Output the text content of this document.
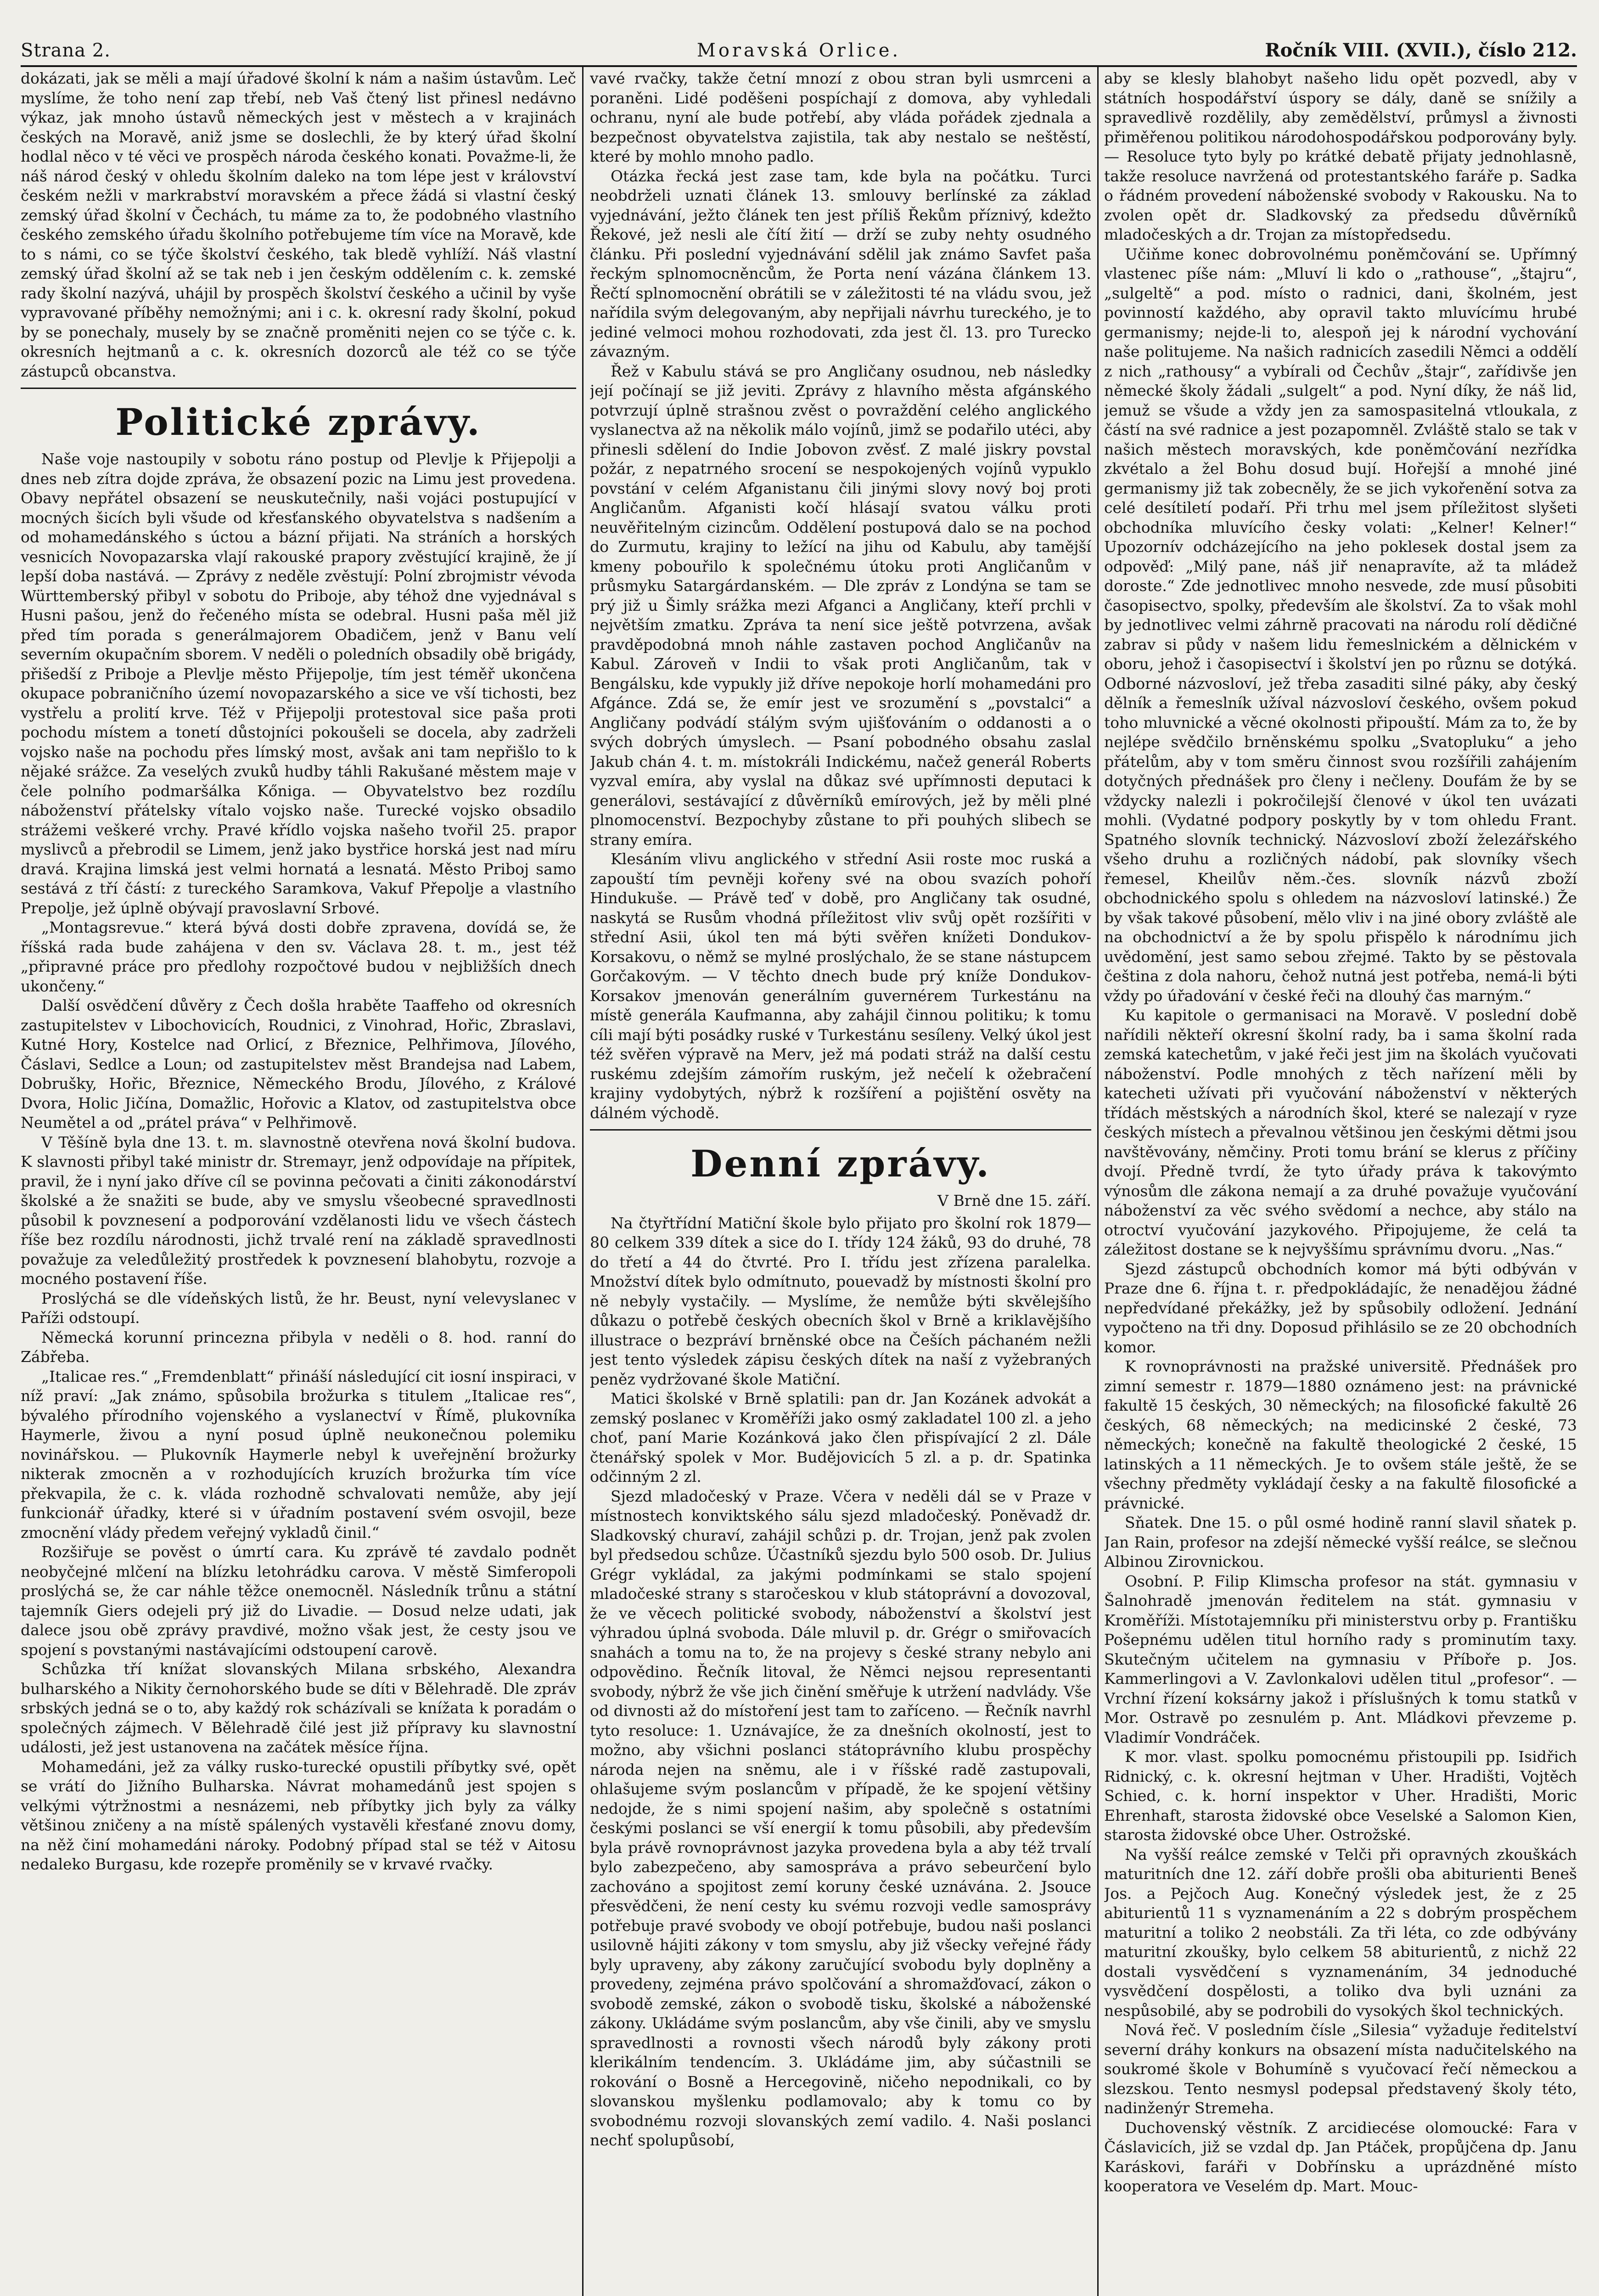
Strana 2.	Moravská Orlice.	Ročník VIII. (XVII.), číslo 212.

dokázati, jak se měli a mají úřadové školní k nám a našim ústavům. Leč myslíme, že toho není zap třebí, neb Vaš čtený list přinesl nedávno výkaz, jak mnoho ústavů německých jest v městech a v krajinách českých na Moravě, aniž jsme se doslechli, že by který úřad školní hodlal něco v té věci ve prospěch národa českého konati. Považme-li, že náš národ český v ohledu školním daleko na tom lépe jest v království českém nežli v markrabství moravském a přece žádá si vlastní český zemský úřad školní v Čechách, tu máme za to, že podobného vlastního českého zemského úřadu školního potřebujeme tím více na Moravě, kde to s námi, co se týče školství českého, tak bledě vyhlíží. Náš vlastní zemský úřad školní až se tak neb i jen českým oddělením c. k. zemské rady školní nazývá, uhájil by prospěch školství českého a učinil by vyše vypravované příběhy nemožnými; ani i c. k. okresní rady školní, pokud by se ponechaly, musely by se značně proměniti nejen co se týče c. k. okresních hejtmanů a c. k. okresních dozorců ale též co se týče zástupců obcanstva.

Politické zprávy.

Naše voje nastoupily v sobotu ráno postup od Plevlje k Přijepolji a dnes neb zítra dojde zpráva, že obsazení pozic na Limu jest provedena. Obavy nepřátel obsazení se neuskutečnily, naši vojáci postupující v mocných šicích byli všude od křesťanského obyvatelstva s nadšením a od mohamedánského s úctou a bázní přijati. Na stráních a horských vesnicích Novopazarska vlají rakouské prapory zvěstující krajině, že jí lepší doba nastává. — Zprávy z neděle zvěstují: Polní zbrojmistr vévoda Württemberský přibyl v sobotu do Priboje, aby téhož dne vyjednával s Husni pašou, jenž do řečeného místa se odebral. Husni paša měl již před tím porada s generálmajorem Obadičem, jenž v Banu velí severním okupačním sborem. V neděli o poledních obsadily obě brigády, přišedší z Priboje a Plevlje město Přijepolje, tím jest téměř ukončena okupace pobraničního území novopazarského a sice ve vší tichosti, bez vystřelu a prolití krve. Též v Přijepolji protestoval sice paša proti pochodu místem a tonetí důstojníci pokoušeli se docela, aby zadrželi vojsko naše na pochodu přes límský most, avšak ani tam nepřišlo to k nějaké srážce. Za veselých zvuků hudby táhli Rakušané městem maje v čele polního podmaršálka Kőniga. — Obyvatelstvo bez rozdílu náboženství přátelsky vítalo vojsko naše. Turecké vojsko obsadilo strážemi veškeré vrchy. Pravé křídlo vojska našeho tvořil 25. prapor myslivců a přebrodil se Limem, jenž jako bystřice horská jest nad míru dravá. Krajina limská jest velmi hornatá a lesnatá. Město Priboj samo sestává z tří částí: z tureckého Saramkova, Vakuf Přepolje a vlastního Prepolje, jež úplně obývají pravoslavní Srbové.

„Montagsrevue.“ která bývá dosti dobře zpravena, dovídá se, že říšská rada bude zahájena v den sv. Václava 28. t. m., jest též „připravné práce pro předlohy rozpočtové budou v nejbližších dnech ukončeny.“

Další osvědčení důvěry z Čech došla hraběte Taaffeho od okresních zastupitelstev v Libochovicích, Roudnici, z Vinohrad, Hořic, Zbraslavi, Kutné Hory, Kostelce nad Orlicí, z Březnice, Pelhřimova, Jílového, Čáslavi, Sedlce a Loun; od zastupitelstev měst Brandejsa nad Labem, Dobrušky, Hořic, Březnice, Německého Brodu, Jílového, z Králové Dvora, Holic Jičína, Domažlic, Hořovic a Klatov, od zastupitelstva obce Neumětel a od „prátel práva“ v Pelhřimově.

V Těšíně byla dne 13. t. m. slavnostně otevřena nová školní budova. K slavnosti přibyl také ministr dr. Stremayr, jenž odpovídaje na přípitek, pravil, že i nyní jako dříve cíl se povinna pečovati a činiti zákonodárství školské a že snažiti se bude, aby ve smyslu všeobecné spravedlnosti působil k povznesení a podporování vzdělanosti lidu ve všech částech říše bez rozdílu národnosti, jichž trvalé rení na základě spravedlnosti považuje za veledůležitý prostředek k povznesení blahobytu, rozvoje a mocného postavení říše.

Proslýchá se dle vídeňských listů, že hr. Beust, nyní velevyslanec v Paříži odstoupí.

Německá korunní princezna přibyla v neděli o 8. hod. ranní do Zábřeba.

„Italicae res.“ „Fremdenblatt“ přináší následující cit iosní inspiraci, v níž praví: „Jak známo, spůsobila brožurka s titulem „Italicae res“, bývalého přírodního vojenského a vyslanectví v Římě, plukovníka Haymerle, živou a nyní posud úplně neukonečnou polemiku novinářskou. — Plukovník Haymerle nebyl k uveřejnění brožurky nikterak zmocněn a v rozhodujících kruzích brožurka tím více překvapila, že c. k. vláda rozhodně schvalovati nemůže, aby její funkcionář úřadky, které si v úřadním postavení svém osvojil, beze zmocnění vlády předem veřejný vykladů činil.“

Rozšiřuje se pověst o úmrtí cara. Ku zprávě té zavdalo podnět neobyčejné mlčení na blízku letohrádku carova. V městě Simferopoli proslýchá se, že car náhle těžce onemocněl. Následník trůnu a státní tajemník Giers odejeli prý již do Livadie. — Dosud nelze udati, jak dalece jsou obě zprávy pravdivé, možno však jest, že cesty jsou ve spojení s povstanými nastávajícími odstoupení carově.

Schůzka tří knížat slovanských Milana srbského, Alexandra bulharského a Nikity černohorského bude se díti v Bělehradě. Dle zpráv srbských jedná se o to, aby každý rok scházívali se knížata k poradám o společných zájmech. V Bělehradě čilé jest již přípravy ku slavnostní události, jež jest ustanovena na začátek měsíce října.

Mohamedáni, jež za války rusko-turecké opustili příbytky své, opět se vrátí do Jižního Bulharska. Návrat mohamedánů jest spojen s velkými výtržnostmi a nesnázemi, neb příbytky jich byly za války většinou zničeny a na místě spálených vystavěli křesťané znovu domy, na něž činí mohamedáni nároky. Podobný případ stal se též v Aitosu nedaleko Burgasu, kde rozepře proměnily se v krvavé rvačky.

vavé rvačky, takže četní mnozí z obou stran byli usmrceni a poraněni. Lidé poděšeni pospíchají z domova, aby vyhledali ochranu, nyní ale bude potřebí, aby vláda pořádek zjednala a bezpečnost obyvatelstva zajistila, tak aby nestalo se neštěstí, které by mohlo mnoho padlo.

Otázka řecká jest zase tam, kde byla na počátku. Turci neobdrželi uznati článek 13. smlouvy berlínské za základ vyjednávání, ježto článek ten jest příliš Řekům příznivý, kdežto Řekové, jež nesli ale čítí žití — drží se zuby nehty osudného článku. Při poslední vyjednávání sdělil jak známo Savfet paša řeckým splnomocněncům, že Porta není vázána článkem 13. Řečtí splnomocnění obrátili se v záležitosti té na vládu svou, jež nařídila svým delegovaným, aby nepřijali návrhu tureckého, je to jediné velmoci mohou rozhodovati, zda jest čl. 13. pro Turecko závazným.

Řež v Kabulu stává se pro Angličany osudnou, neb následky její počínají se již jeviti. Zprávy z hlavního města afgánského potvrzují úplně strašnou zvěst o povraždění celého anglického vyslanectva až na několik málo vojínů, jimž se podařilo utéci, aby přinesli sdělení do Indie Jobovon zvěsť. Z malé jiskry povstal požár, z nepatrného srocení se nespokojených vojínů vypuklo povstání v celém Afganistanu čili jinými slovy nový boj proti Angličanům. Afganisti kočí hlásají svatou válku proti neuvěřitelným cizincům. Oddělení postupová dalo se na pochod do Zurmutu, krajiny to ležící na jihu od Kabulu, aby tamější kmeny pobouřilo k společnému útoku proti Angličanům v průsmyku Satargárdanském. — Dle zpráv z Londýna se tam se prý již u Šimly srážka mezi Afganci a Angličany, kteří prchli v největším zmatku. Zpráva ta není sice ještě potvrzena, avšak pravděpodobná mnoh náhle zastaven pochod Angličanův na Kabul. Zároveň v Indii to však proti Angličanům, tak v Bengálsku, kde vypukly již dříve nepokoje horlí mohamedáni pro Afgánce. Zdá se, že emír jest ve srozumění s „povstalci“ a Angličany podvádí stálým svým ujišťováním o oddanosti a o svých dobrých úmyslech. — Psaní pobodného obsahu zaslal Jakub chán 4. t. m. místokráli Indickému, načež generál Roberts vyzval emíra, aby vyslal na důkaz své upřímnosti deputaci k generálovi, sestávající z důvěrníků emírových, jež by měli plné plnomocenství. Bezpochyby zůstane to při pouhých slibech se strany emíra.

Klesáním vlivu anglického v střední Asii roste moc ruská a zapouští tím pevněji kořeny své na obou svazích pohoří Hindukuše. — Právě teď v době, pro Angličany tak osudné, naskytá se Rusům vhodná příležitost vliv svůj opět rozšířiti v střední Asii, úkol ten má býti svěřen knížeti Dondukov-Korsakovu, o němž se mylné proslýchalo, že se stane nástupcem Gorčakovým. — V těchto dnech bude prý kníže Dondukov-Korsakov jmenován generálním guvernérem Turkestánu na místě generála Kaufmanna, aby zahájil činnou politiku; k tomu cíli mají býti posádky ruské v Turkestánu sesíleny. Velký úkol jest též svěřen výpravě na Merv, jež má podati stráž na další cestu ruskému zdejším zámořím ruským, jež nečelí k ožebračení krajiny vydobytých, nýbrž k rozšíření a pojištění osvěty na dálném východě.

Denní zprávy.
V Brně dne 15. září.

Na čtyřtřídní Matiční škole bylo přijato pro školní rok 1879—80 celkem 339 dítek a sice do I. třídy 124 žáků, 93 do druhé, 78 do třetí a 44 do čtvrté. Pro I. třídu jest zřízena paralelka. Množství dítek bylo odmítnuto, pouevadž by místnosti školní pro ně nebyly vystačily. — Myslíme, že nemůže býti skvělejšího důkazu o potřebě českých obecních škol v Brně a kriklavějšího illustrace o bezpráví brněnské obce na Češích páchaném nežli jest tento výsledek zápisu českých dítek na naší z vyžebraných peněz vydržované škole Matiční.

Matici školské v Brně splatili: pan dr. Jan Kozánek advokát a zemský poslanec v Kroměříži jako osmý zakladatel 100 zl. a jeho choť, paní Marie Kozánková jako člen přispívající 2 zl. Dále čtenářský spolek v Mor. Budějovicích 5 zl. a p. dr. Spatinka odčinným 2 zl.

Sjezd mladočeský v Praze. Včera v neděli dál se v Praze v místnostech konviktského sálu sjezd mladočeský. Poněvadž dr. Sladkovský churaví, zahájil schůzi p. dr. Trojan, jenž pak zvolen byl předsedou schůze. Účastníků sjezdu bylo 500 osob. Dr. Julius Grégr vykládal, za jakými podmínkami se stalo spojení mladočeské strany s staročeskou v klub státoprávní a dovozoval, že ve věcech politické svobody, náboženství a školství jest výhradou úplná svoboda. Dále mluvil p. dr. Grégr o smiřovacích snahách a tomu na to, že na projevy s české strany nebylo ani odpovědino. Řečník litoval, že Němci nejsou representanti svobody, nýbrž že vše jich činění směřuje k utržení nadvlády. Vše od divnosti až do místoření jest tam to zaříceno. — Řečník navrhl tyto resoluce: 1. Uznávajíce, že za dnešních okolností, jest to možno, aby všichni poslanci státoprávního klubu prospěchy národa nejen na sněmu, ale i v říšské radě zastupovali, ohlašujeme svým poslancům v případě, že ke spojení většiny nedojde, že s nimi spojení našim, aby společně s ostatními českými poslanci se vší energií k tomu působili, aby především byla právě rovnoprávnost jazyka provedena byla a aby též trvalí bylo zabezpečeno, aby samospráva a právo sebeurčení bylo zachováno a spojitost zemí koruny české uznávána. 2. Jsouce přesvědčeni, že není cesty ku svému rozvoji vedle samosprávy potřebuje pravé svobody ve obojí potřebuje, budou naši poslanci usilovně hájiti zákony v tom smyslu, aby již všecky veřejné řády byly upraveny, aby zákony zaručující svobodu byly doplněny a provedeny, zejména právo spolčování a shromažďovací, zákon o svobodě zemské, zákon o svobodě tisku, školské a náboženské zákony. Ukládáme svým poslancům, aby vše činili, aby ve smyslu spravedlnosti a rovnosti všech národů byly zákony proti klerikálním tendencím. 3. Ukládáme jim, aby súčastnili se rokování o Bosně a Hercegovině, ničeho nepodnikali, co by slovanskou myšlenku podlamovalo; aby k tomu co by svobodnému rozvoji slovanských zemí vadilo. 4. Naši poslanci nechť spolupůsobí,

aby se klesly blahobyt našeho lidu opět pozvedl, aby v státních hospodářství úspory se dály, daně se snížily a spravedlivě rozdělily, aby zemědělství, průmysl a živnosti přiměřenou politikou národohospodářskou podporovány byly. — Resoluce tyto byly po krátké debatě přijaty jednohlasně, takže resoluce navržená od protestantského faráře p. Sadka o řádném provedení náboženské svobody v Rakousku. Na to zvolen opět dr. Sladkovský za předsedu důvěrníků mladočeských a dr. Trojan za místopředsedu.

Učiňme konec dobrovolnému poněmčování se. Upřímný vlastenec píše nám: „Mluví li kdo o „rathouse“, „štajru“, „sulgeltě“ a pod. místo o radnici, dani, školném, jest povinností každého, aby opravil takto mluvícímu hrubé germanismy; nejde-li to, alespoň jej k národní vychování naše politujeme. Na našich radnicích zasedili Němci a oddělí z nich „rathousy“ a vybírali od Čechův „štajr“, zařídivše jen německé školy žádali „sulgelt“ a pod. Nyní díky, že náš lid, jemuž se všude a vždy jen za samospasitelná vtloukala, z částí na své radnice a jest pozapomněl. Zvláště stalo se tak v našich městech moravských, kde poněmčování nezřídka zkvétalo a žel Bohu dosud bují. Hořejší a mnohé jiné germanismy již tak zobecněly, že se jich vykořenění sotva za celé desítiletí podaří. Při trhu mel jsem příležitost slyšeti obchodníka mluvícího česky volati: „Kelner! Kelner!“ Upozornív odcházejícího na jeho poklesek dostal jsem za odpověď: „Milý pane, náš jiř nenapravíte, až ta mládež doroste.“ Zde jednotlivec mnoho nesvede, zde musí působiti časopisectvo, spolky, především ale školství. Za to však mohl by jednotlivec velmi záhrně pracovati na národu rolí dědičné zabrav si půdy v našem lidu řemeslnickém a dělnickém v oboru, jehož i časopisectví i školství jen po různu se dotýká. Odborné názvosloví, jež třeba zasaditi silné páky, aby český dělník a řemeslník užíval názvosloví českého, ovšem pokud toho mluvnické a věcné okolnosti připouští. Mám za to, že by nejlépe svědčilo brněnskému spolku „Svatopluku“ a jeho přátelům, aby v tom směru činnost svou rozšířili zahájením dotyčných přednášek pro členy i nečleny. Doufám že by se vždycky nalezli i pokročilejší členové v úkol ten uvázati mohli. (Vydatné podpory poskytly by v tom ohledu Frant. Spatného slovník technický. Názvosloví zboží železářského všeho druhu a rozličných nádobí, pak slovníky všech řemesel, Kheilův něm.-čes. slovník názvů zboží obchodnického spolu s ohledem na názvosloví latinské.) Že by však takové působení, mělo vliv i na jiné obory zvláště ale na obchodnictví a že by spolu přispělo k národnímu jich uvědomění, jest samo sebou zřejmé. Takto by se pěstovala čeština z dola nahoru, čehož nutná jest potřeba, nemá-li býti vždy po úřadování v české řeči na dlouhý čas marným.“

Ku kapitole o germanisaci na Moravě. V poslední době nařídili někteří okresní školní rady, ba i sama školní rada zemská katechetům, v jaké řeči jest jim na školách vyučovati náboženství. Podle mnohých z těch nařízení měli by katecheti užívati při vyučování náboženství v některých třídách městských a národních škol, které se nalezají v ryze českých místech a převalnou většinou jen českými dětmi jsou navštěvovány, němčiny. Proti tomu brání se klerus z příčiny dvojí. Předně tvrdí, že tyto úřady práva k takovýmto výnosům dle zákona nemají a za druhé považuje vyučování náboženství za věc svého svědomí a nechce, aby stálo na otroctví vyučování jazykového. Připojujeme, že celá ta záležitost dostane se k nejvyššímu správnímu dvoru. „Nas.“

Sjezd zástupců obchodních komor má býti odbýván v Praze dne 6. října t. r. předpokládajíc, že nenadějou žádné nepředvídané překážky, jež by spůsobily odložení. Jednání vypočteno na tři dny. Doposud přihlásilo se ze 20 obchodních komor.

K rovnoprávnosti na pražské universitě. Přednášek pro zimní semestr r. 1879—1880 oznámeno jest: na právnické fakultě 15 českých, 30 německých; na filosofické fakultě 26 českých, 68 německých; na medicinské 2 české, 73 německých; konečně na fakultě theologické 2 české, 15 latinských a 11 německých. Je to ovšem stále ještě, že se všechny předměty vykládají česky a na fakultě filosofické a právnické.

Sňatek. Dne 15. o půl osmé hodině ranní slavil sňatek p. Jan Rain, profesor na zdejší německé vyšší reálce, se slečnou Albinou Zirovnickou.

Osobní. P. Filip Klimscha profesor na stát. gymnasiu v Šalnohradě jmenován ředitelem na stát. gymnasiu v Kroměříži. Místotajemníku při ministerstvu orby p. Františku Pošepnému udělen titul horního rady s prominutím taxy. Skutečným učitelem na gymnasiu v Příboře p. Jos. Kammerlingovi a V. Zavlonkalovi udělen titul „profesor“. — Vrchní řízení koksárny jakož i příslušných k tomu statků v Mor. Ostravě po zesnulém p. Ant. Mládkovi převzeme p. Vladimír Vondráček.

K mor. vlast. spolku pomocnému přistoupili pp. Isidřich Ridnický, c. k. okresní hejtman v Uher. Hradišti, Vojtěch Schied, c. k. horní inspektor v Uher. Hradišti, Moric Ehrenhaft, starosta židovské obce Veselské a Salomon Kien, starosta židovské obce Uher. Ostrožské.

Na vyšší reálce zemské v Telči při opravných zkouškách maturitních dne 12. září dobře prošli oba abiturienti Beneš Jos. a Pejčoch Aug. Konečný výsledek jest, že z 25 abiturientů 11 s vyznamenáním a 22 s dobrým prospěchem maturitní a toliko 2 neobstáli. Za tři léta, co zde odbývány maturitní zkoušky, bylo celkem 58 abiturientů, z nichž 22 dostali vysvědčení s vyznamenáním, 34 jednoduché vysvědčení dospělosti, a toliko dva byli uznáni za nespůsobilé, aby se podrobili do vysokých škol technických.

Nová řeč. V posledním čísle „Silesia“ vyžaduje ředitelství severní dráhy konkurs na obsazení místa nadučitelského na soukromé škole v Bohumíně s vyučovací řečí německou a slezskou. Tento nesmysl podepsal představený školy této, nadinženýr Stremeha.

Duchovenský věstník. Z arcidiecése olomoucké: Fara v Čáslavicích, již se vzdal dp. Jan Ptáček, propůjčena dp. Janu Karáskovi, faráři v Dobřínsku a uprázdněné místo kooperatora ve Veselém dp. Mart. Mouc-
